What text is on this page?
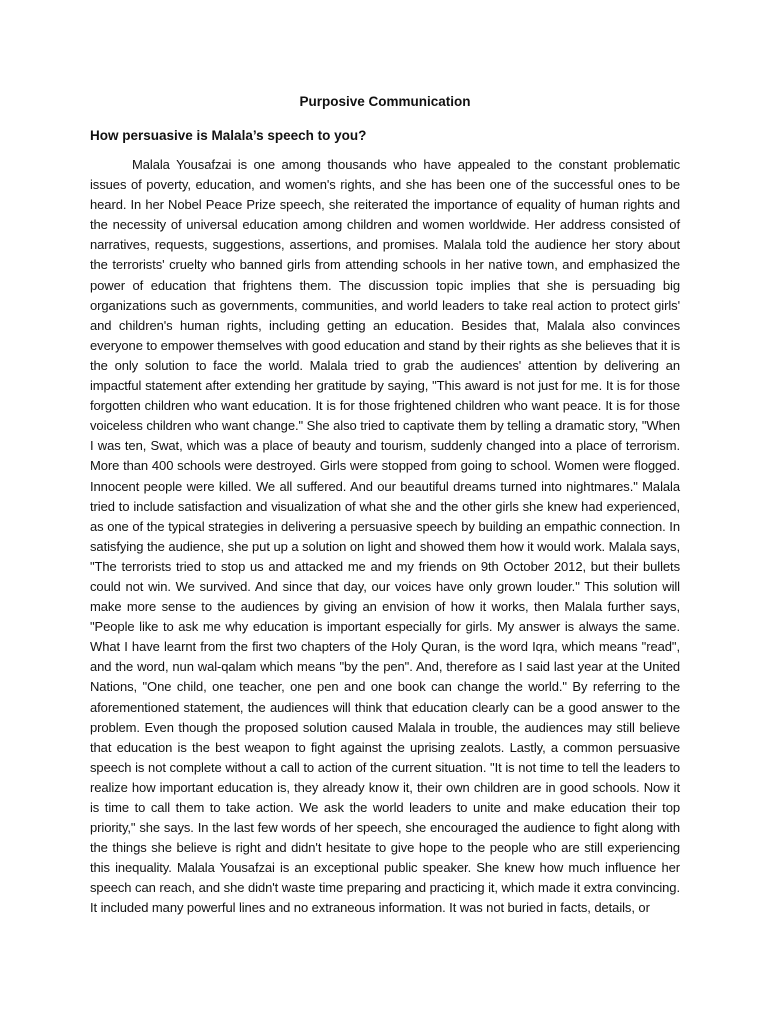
Purposive Communication
How persuasive is Malala’s speech to you?

Malala Yousafzai is one among thousands who have appealed to the constant problematic issues of poverty, education, and women's rights, and she has been one of the successful ones to be heard. In her Nobel Peace Prize speech, she reiterated the importance of equality of human rights and the necessity of universal education among children and women worldwide. Her address consisted of narratives, requests, suggestions, assertions, and promises. Malala told the audience her story about the terrorists' cruelty who banned girls from attending schools in her native town, and emphasized the power of education that frightens them. The discussion topic implies that she is persuading big organizations such as governments, communities, and world leaders to take real action to protect girls' and children's human rights, including getting an education. Besides that, Malala also convinces everyone to empower themselves with good education and stand by their rights as she believes that it is the only solution to face the world. Malala tried to grab the audiences' attention by delivering an impactful statement after extending her gratitude by saying, "This award is not just for me. It is for those forgotten children who want education. It is for those frightened children who want peace. It is for those voiceless children who want change." She also tried to captivate them by telling a dramatic story, "When I was ten, Swat, which was a place of beauty and tourism, suddenly changed into a place of terrorism. More than 400 schools were destroyed. Girls were stopped from going to school. Women were flogged. Innocent people were killed. We all suffered. And our beautiful dreams turned into nightmares." Malala tried to include satisfaction and visualization of what she and the other girls she knew had experienced, as one of the typical strategies in delivering a persuasive speech by building an empathic connection. In satisfying the audience, she put up a solution on light and showed them how it would work. Malala says, "The terrorists tried to stop us and attacked me and my friends on 9th October 2012, but their bullets could not win. We survived. And since that day, our voices have only grown louder." This solution will make more sense to the audiences by giving an envision of how it works, then Malala further says, "People like to ask me why education is important especially for girls. My answer is always the same. What I have learnt from the first two chapters of the Holy Quran, is the word Iqra, which means "read", and the word, nun wal-qalam which means "by the pen". And, therefore as I said last year at the United Nations, "One child, one teacher, one pen and one book can change the world." By referring to the aforementioned statement, the audiences will think that education clearly can be a good answer to the problem. Even though the proposed solution caused Malala in trouble, the audiences may still believe that education is the best weapon to fight against the uprising zealots. Lastly, a common persuasive speech is not complete without a call to action of the current situation. "It is not time to tell the leaders to realize how important education is, they already know it, their own children are in good schools. Now it is time to call them to take action. We ask the world leaders to unite and make education their top priority," she says. In the last few words of her speech, she encouraged the audience to fight along with the things she believe is right and didn't hesitate to give hope to the people who are still experiencing this inequality. Malala Yousafzai is an exceptional public speaker. She knew how much influence her speech can reach, and she didn't waste time preparing and practicing it, which made it extra convincing. It included many powerful lines and no extraneous information. It was not buried in facts, details, or
